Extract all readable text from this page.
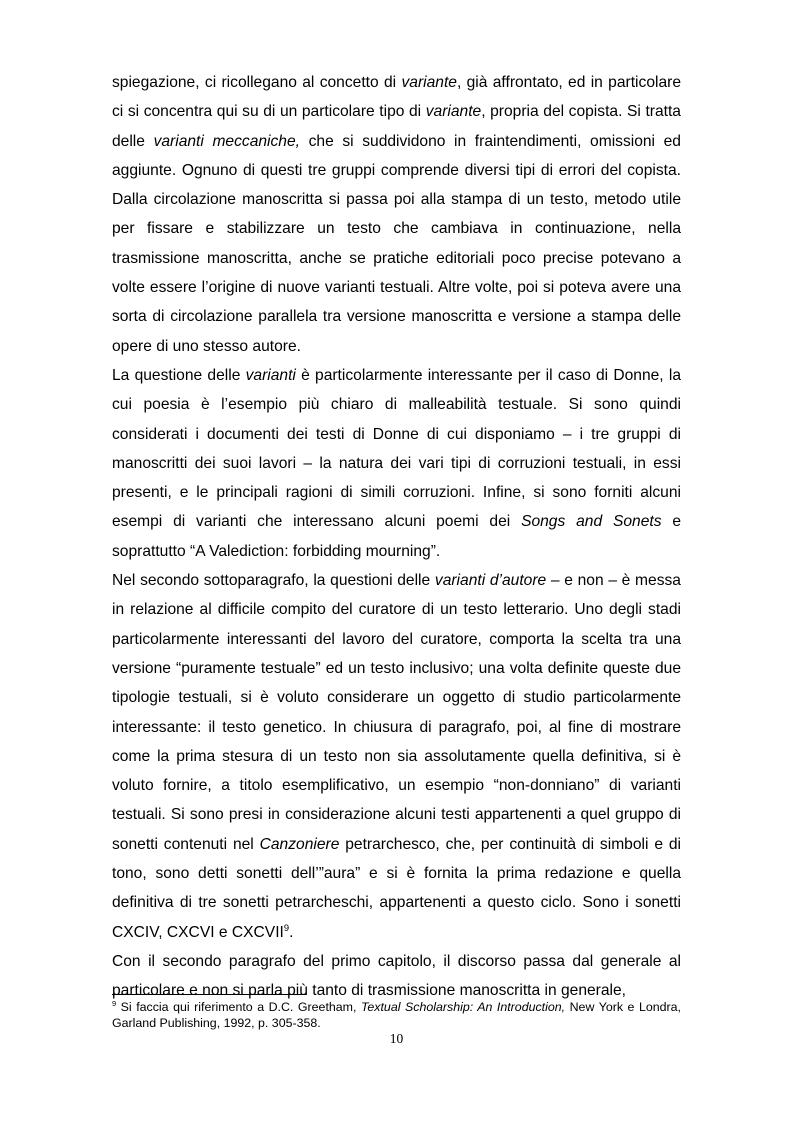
spiegazione, ci ricollegano al concetto di variante, già affrontato, ed in particolare ci si concentra qui su di un particolare tipo di variante, propria del copista. Si tratta delle varianti meccaniche, che si suddividono in fraintendimenti, omissioni ed aggiunte. Ognuno di questi tre gruppi comprende diversi tipi di errori del copista. Dalla circolazione manoscritta si passa poi alla stampa di un testo, metodo utile per fissare e stabilizzare un testo che cambiava in continuazione, nella trasmissione manoscritta, anche se pratiche editoriali poco precise potevano a volte essere l’origine di nuove varianti testuali. Altre volte, poi si poteva avere una sorta di circolazione parallela tra versione manoscritta e versione a stampa delle opere di uno stesso autore.

La questione delle varianti è particolarmente interessante per il caso di Donne, la cui poesia è l’esempio più chiaro di malleabilità testuale. Si sono quindi considerati i documenti dei testi di Donne di cui disponiamo – i tre gruppi di manoscritti dei suoi lavori – la natura dei vari tipi di corruzioni testuali, in essi presenti, e le principali ragioni di simili corruzioni. Infine, si sono forniti alcuni esempi di varianti che interessano alcuni poemi dei Songs and Sonets e soprattutto “A Valediction: forbidding mourning”.

Nel secondo sottoparagrafo, la questioni delle varianti d’autore – e non – è messa in relazione al difficile compito del curatore di un testo letterario. Uno degli stadi particolarmente interessanti del lavoro del curatore, comporta la scelta tra una versione “puramente testuale” ed un testo inclusivo; una volta definite queste due tipologie testuali, si è voluto considerare un oggetto di studio particolarmente interessante: il testo genetico. In chiusura di paragrafo, poi, al fine di mostrare come la prima stesura di un testo non sia assolutamente quella definitiva, si è voluto fornire, a titolo esemplificativo, un esempio “non-donniano” di varianti testuali. Si sono presi in considerazione alcuni testi appartenenti a quel gruppo di sonetti contenuti nel Canzoniere petrarchesco, che, per continuità di simboli e di tono, sono detti sonetti dell’”aura” e si è fornita la prima redazione e quella definitiva di tre sonetti petrarcheschi, appartenenti a questo ciclo. Sono i sonetti CXCIV, CXCVI e CXCVII$^9$.

Con il secondo paragrafo del primo capitolo, il discorso passa dal generale al particolare e non si parla più tanto di trasmissione manoscritta in generale,

$^9$ Si faccia qui riferimento a D.C. Greetham, Textual Scholarship: An Introduction, New York e Londra, Garland Publishing, 1992, p. 305-358.

10
